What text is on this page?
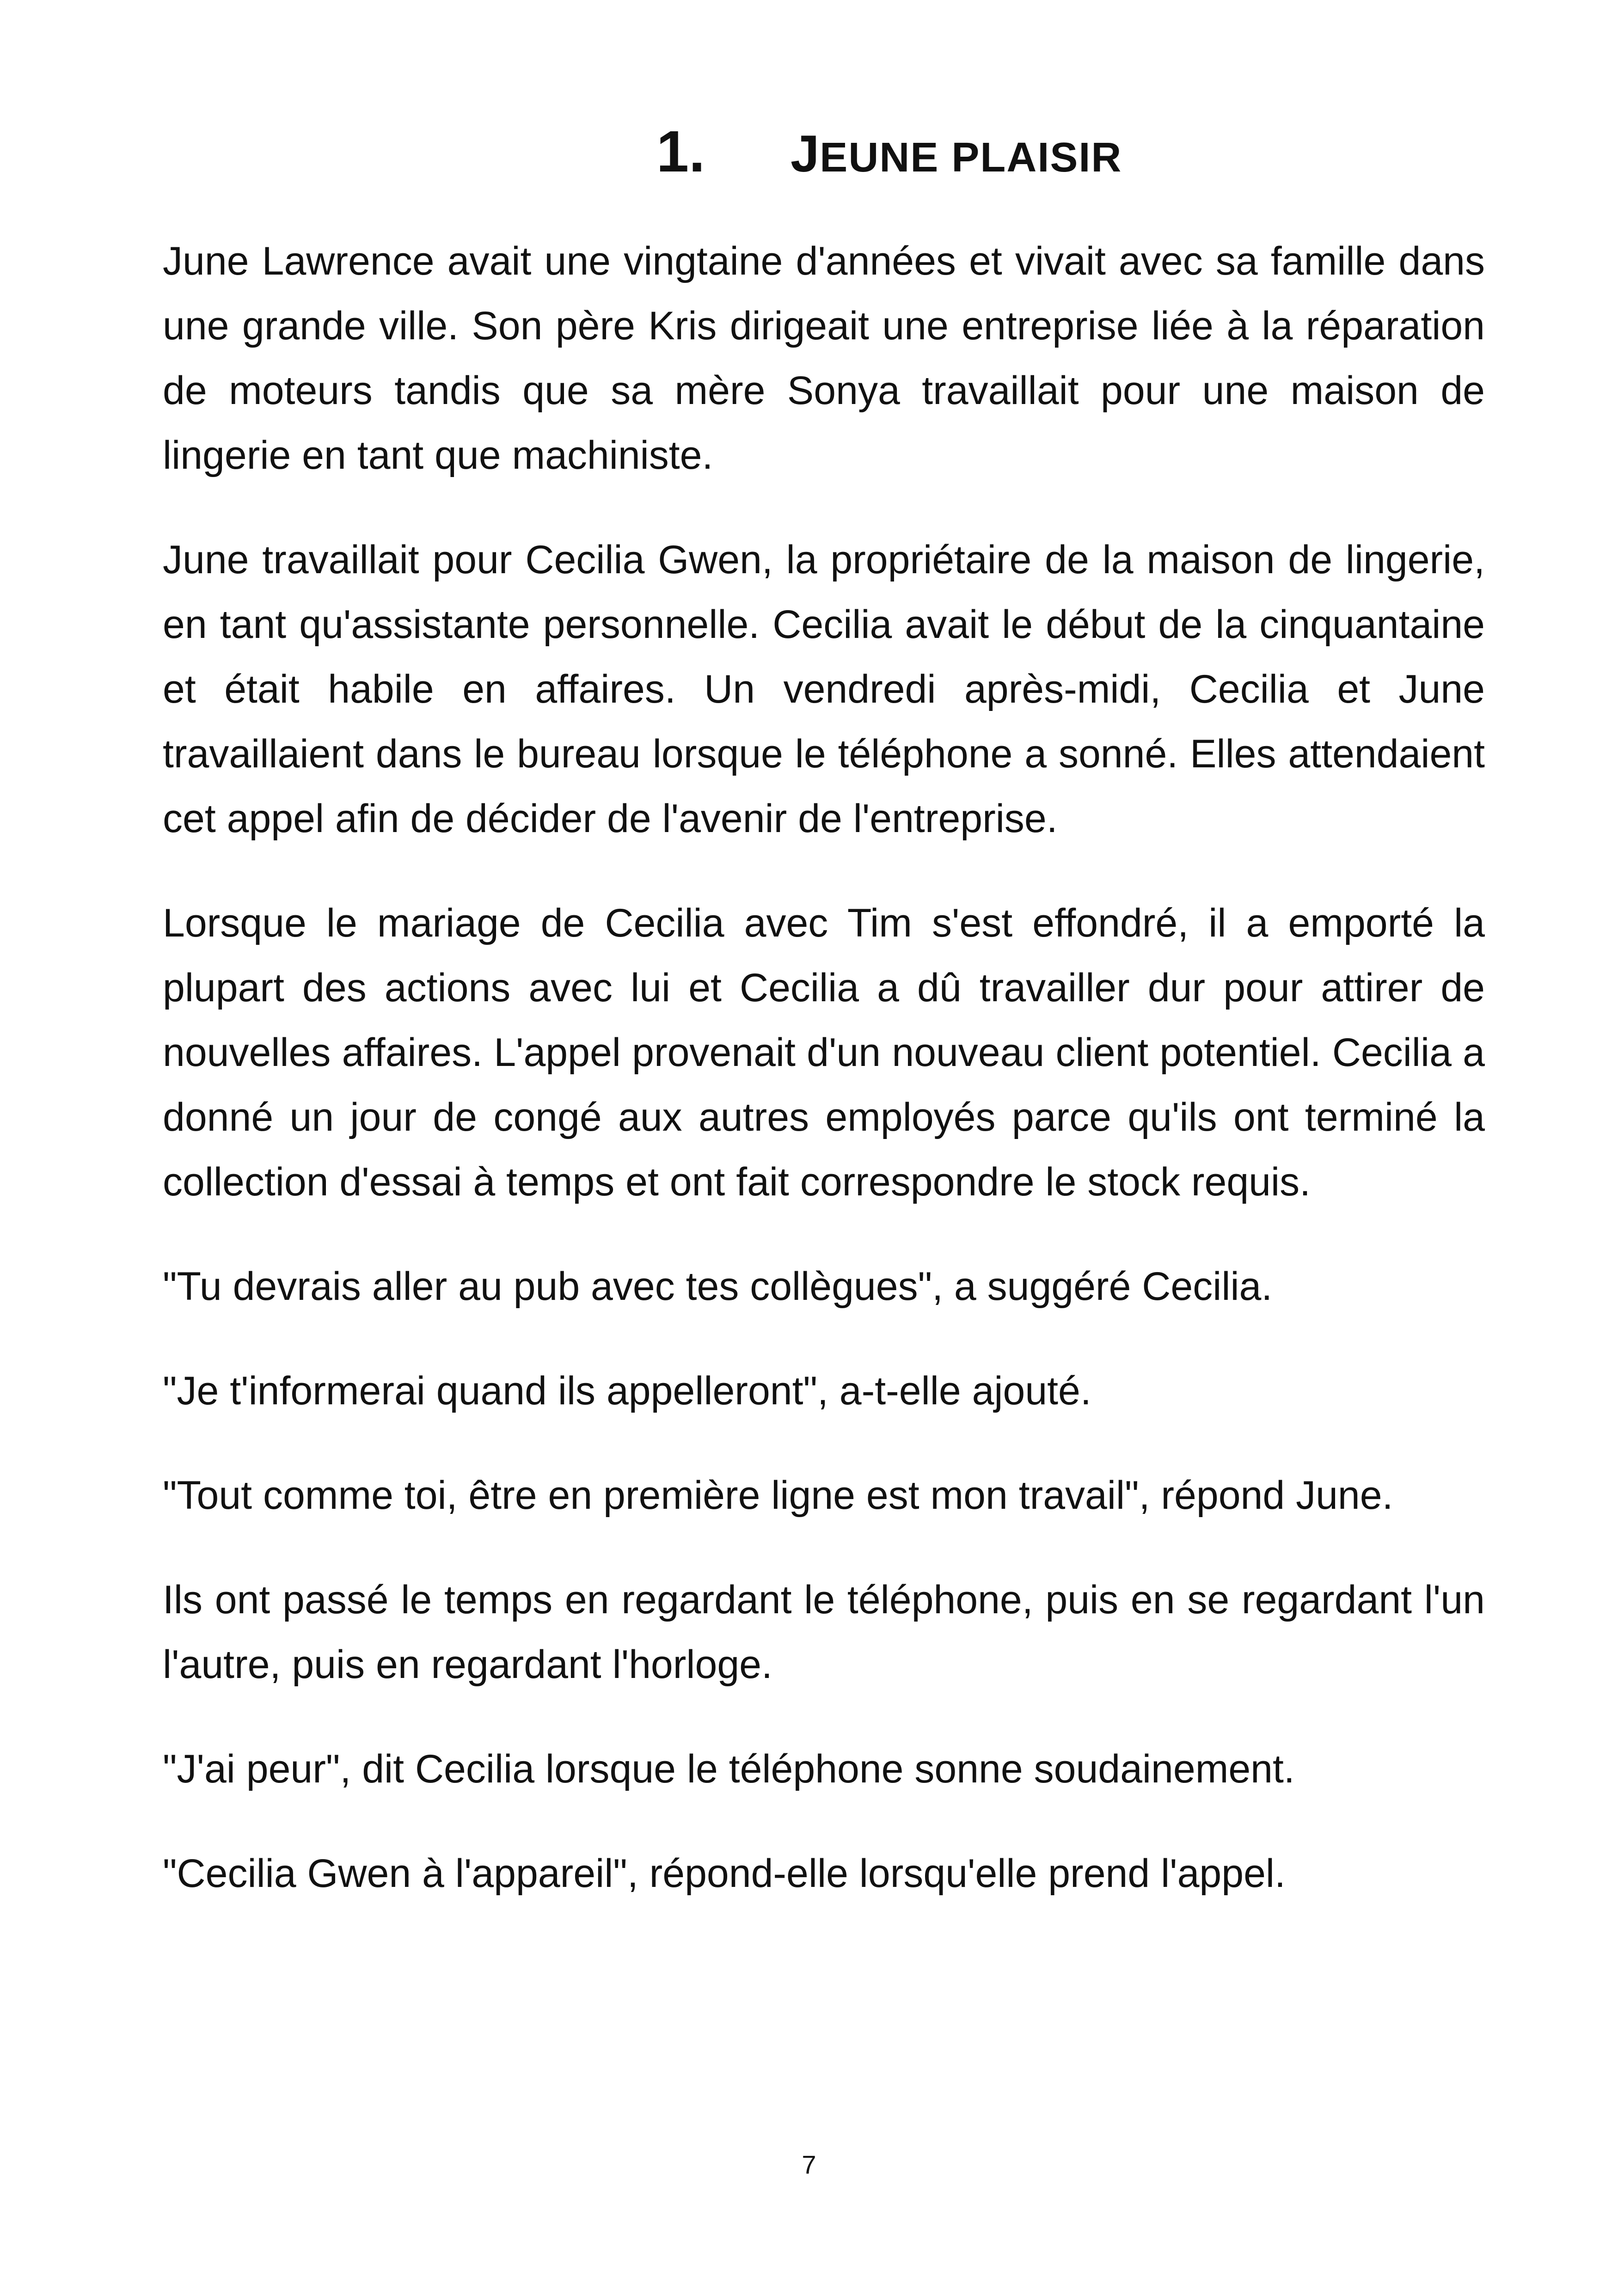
1.	J EUNE PLAISIR

June Lawrence avait une vingtaine d'années et vivait avec sa famille dans une grande ville. Son père Kris dirigeait une entreprise liée à la réparation de moteurs tandis que sa mère Sonya travaillait pour une maison de lingerie en tant que machiniste.

June travaillait pour Cecilia Gwen, la propriétaire de la maison de lingerie, en tant qu'assistante personnelle. Cecilia avait le début de la cinquantaine et était habile en affaires. Un vendredi après-midi, Cecilia et June travaillaient dans le bureau lorsque le téléphone a sonné. Elles attendaient cet appel afin de décider de l'avenir de l'entreprise.

Lorsque le mariage de Cecilia avec Tim s'est effondré, il a emporté la plupart des actions avec lui et Cecilia a dû travailler dur pour attirer de nouvelles affaires. L'appel provenait d'un nouveau client potentiel. Cecilia a donné un jour de congé aux autres employés parce qu'ils ont terminé la collection d'essai à temps et ont fait correspondre le stock requis.

"Tu devrais aller au pub avec tes collègues", a suggéré Cecilia.

"Je t'informerai quand ils appelleront", a-t-elle ajouté.

"Tout comme toi, être en première ligne est mon travail", répond June.

Ils ont passé le temps en regardant le téléphone, puis en se regardant l'un l'autre, puis en regardant l'horloge.

"J'ai peur", dit Cecilia lorsque le téléphone sonne soudainement.

"Cecilia Gwen à l'appareil", répond-elle lorsqu'elle prend l'appel.

7
